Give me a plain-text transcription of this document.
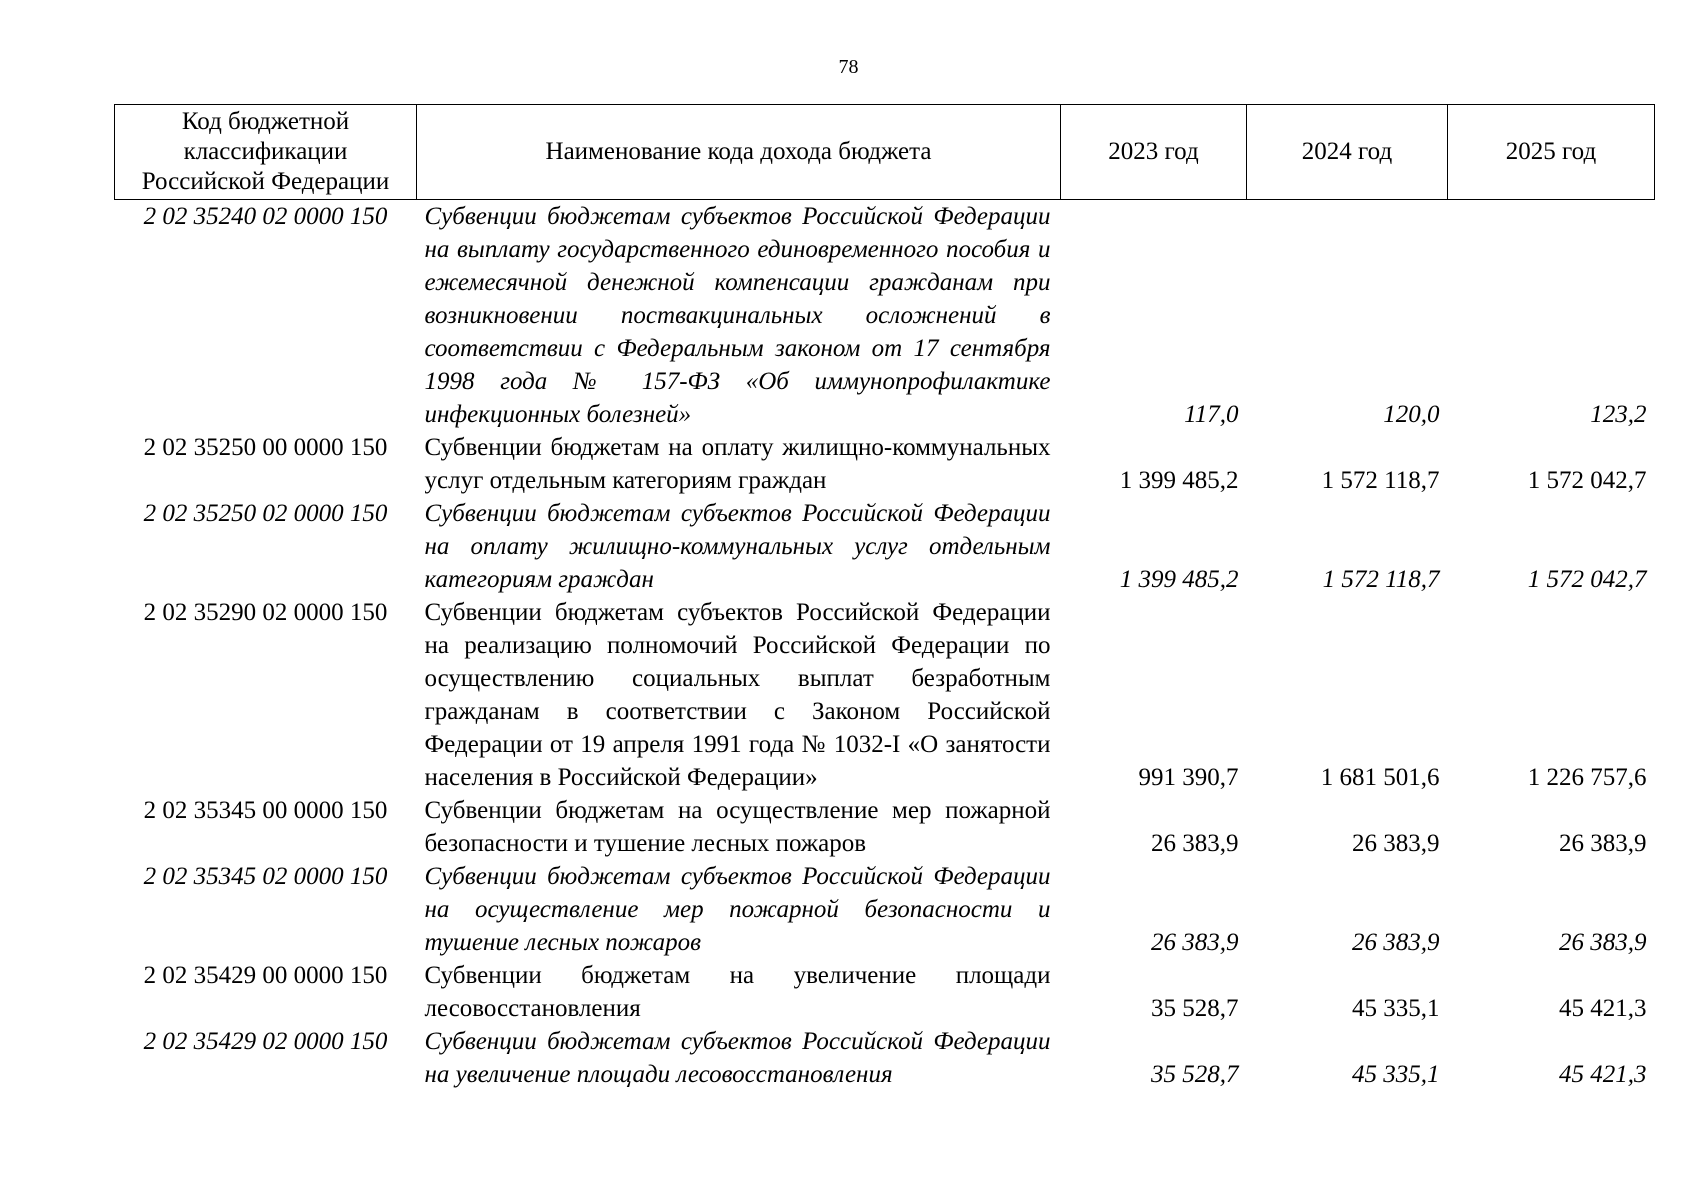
78
Код бюджетной классификации Российской Федерации	Наименование кода дохода бюджета	2023 год	2024 год	2025 год
2 02 35240 02 0000 150	Субвенции бюджетам субъектов Российской Федерации на выплату государственного единовременного пособия и ежемесячной денежной компенсации гражданам при возникновении поствакцинальных осложнений в соответствии с Федеральным законом от 17 сентября 1998 года № 157-ФЗ «Об иммунопрофилактике инфекционных болезней»	117,0	120,0	123,2
2 02 35250 00 0000 150	Субвенции бюджетам на оплату жилищно-коммунальных услуг отдельным категориям граждан	1 399 485,2	1 572 118,7	1 572 042,7
2 02 35250 02 0000 150	Субвенции бюджетам субъектов Российской Федерации на оплату жилищно-коммунальных услуг отдельным категориям граждан	1 399 485,2	1 572 118,7	1 572 042,7
2 02 35290 02 0000 150	Субвенции бюджетам субъектов Российской Федерации на реализацию полномочий Российской Федерации по осуществлению социальных выплат безработным гражданам в соответствии с Законом Российской Федерации от 19 апреля 1991 года № 1032-I «О занятости населения в Российской Федерации»	991 390,7	1 681 501,6	1 226 757,6
2 02 35345 00 0000 150	Субвенции бюджетам на осуществление мер пожарной безопасности и тушение лесных пожаров	26 383,9	26 383,9	26 383,9
2 02 35345 02 0000 150	Субвенции бюджетам субъектов Российской Федерации на осуществление мер пожарной безопасности и тушение лесных пожаров	26 383,9	26 383,9	26 383,9
2 02 35429 00 0000 150	Субвенции бюджетам на увеличение площади лесовосстановления	35 528,7	45 335,1	45 421,3
2 02 35429 02 0000 150	Субвенции бюджетам субъектов Российской Федерации на увеличение площади лесовосстановления	35 528,7	45 335,1	45 421,3
